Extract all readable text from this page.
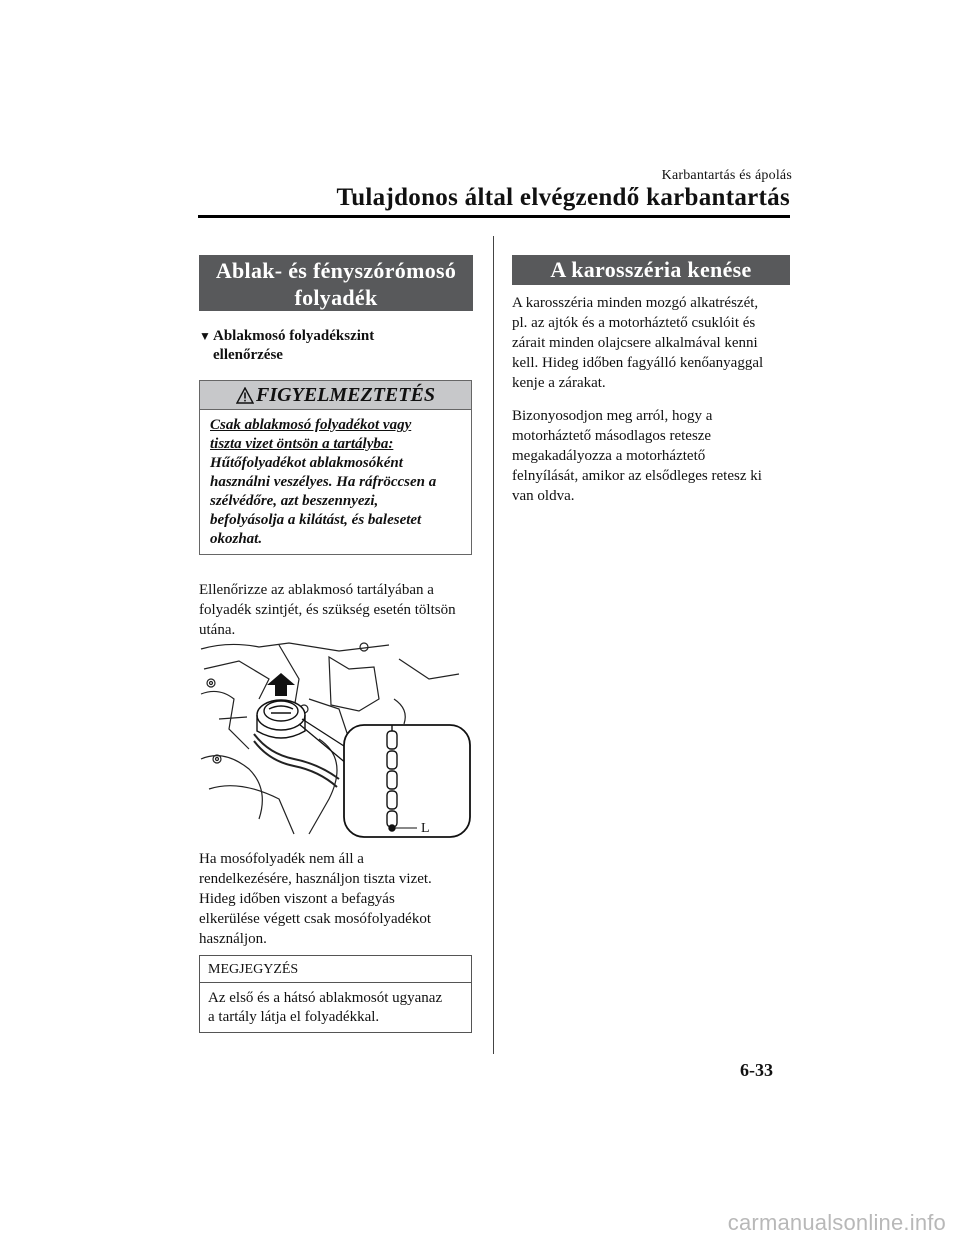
Karbantartás és ápolás
Tulajdonos által elvégzendő karbantartás
Ablak- és fényszórómosó
folyadék
▼ Ablakmosó folyadékszint
ellenőrzése
FIGYELMEZTETÉS
Csak ablakmosó folyadékot vagy
tiszta vizet öntsön a tartályba:
Hűtőfolyadékot ablakmosóként
használni veszélyes. Ha ráfröccsen a
szélvédőre, azt beszennyezi,
befolyásolja a kilátást, és balesetet
okozhat.
Ellenőrizze az ablakmosó tartályában a
folyadék szintjét, és szükség esetén töltsön
utána.
L
Ha mosófolyadék nem áll a
rendelkezésére, használjon tiszta vizet.
Hideg időben viszont a befagyás
elkerülése végett csak mosófolyadékot
használjon.
MEGJEGYZÉS
Az első és a hátsó ablakmosót ugyanaz
a tartály látja el folyadékkal.
A karosszéria kenése
A karosszéria minden mozgó alkatrészét,
pl. az ajtók és a motorháztető csuklóit és
zárait minden olajcsere alkalmával kenni
kell. Hideg időben fagyálló kenőanyaggal
kenje a zárakat.
Bizonyosodjon meg arról, hogy a
motorháztető másodlagos retesze
megakadályozza a motorháztető
felnyílását, amikor az elsődleges retesz ki
van oldva.
6-33
carmanualsonline.info
